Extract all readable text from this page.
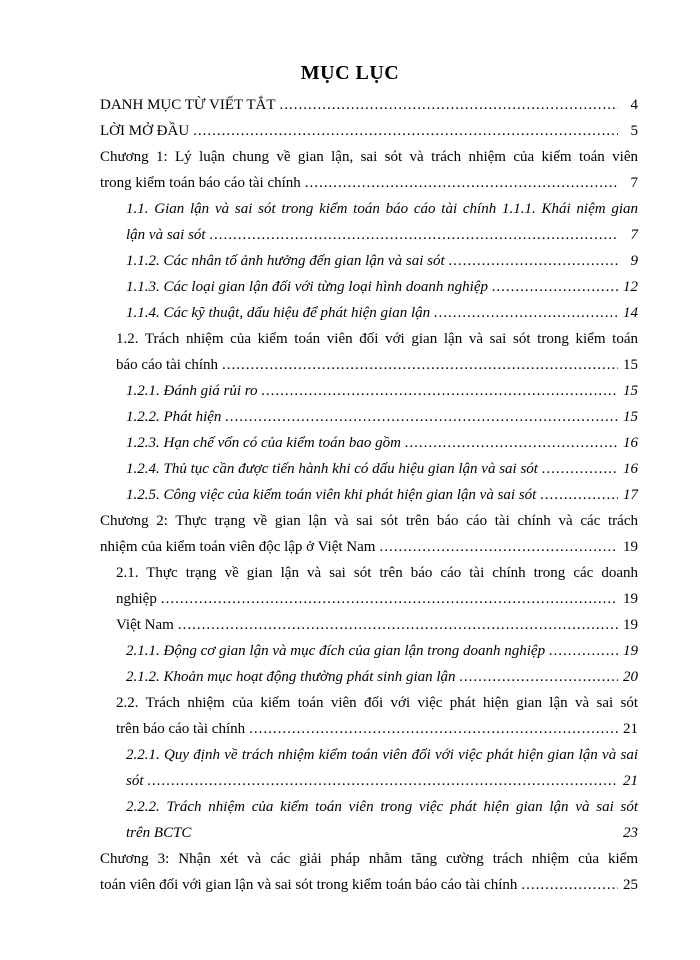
MỤC LỤC
DANH MỤC TỪ VIẾT TẮT .....	4
LỜI MỞ ĐẦU .....	5
Chương 1: Lý luận chung về gian lận, sai sót và trách nhiệm của kiểm toán viên
trong kiểm toán báo cáo tài chính .....	7
1.1. Gian lận và sai sót trong kiểm toán báo cáo tài chính 1.1.1. Khái niệm gian
lận và sai sót .....	7
1.1.2. Các nhân tố ảnh hưởng đến gian lận và sai sót .....	9
1.1.3. Các loại gian lận đối với từng loại hình doanh nghiệp .....	12
1.1.4. Các kỹ thuật, dấu hiệu để phát hiện gian lận .....	14
1.2. Trách nhiệm của kiểm toán viên đối với gian lận và sai sót trong kiểm toán
báo cáo tài chính .....	15
1.2.1. Đánh giá rủi ro .....	15
1.2.2. Phát hiện .....	15
1.2.3. Hạn chế vốn có của kiểm toán bao gồm .....	16
1.2.4. Thủ tục cần được tiến hành khi có dấu hiệu gian lận và sai sót .....	16
1.2.5. Công việc của kiểm toán viên khi phát hiện gian lận và sai sót .....	17
Chương 2: Thực trạng về gian lận và sai sót trên báo cáo tài chính và các trách
nhiệm của kiểm toán viên độc lập ở Việt Nam .....	19
2.1. Thực trạng về gian lận và sai sót trên báo cáo tài chính trong các doanh
nghiệp .....	19
Việt Nam .....	19
2.1.1. Động cơ gian lận và mục đích của gian lận trong doanh nghiệp .....	19
2.1.2. Khoản mục hoạt động thường phát sinh gian lận .....	20
2.2. Trách nhiệm của kiểm toán viên đối với việc phát hiện gian lận và sai sót
trên báo cáo tài chính .....	21
2.2.1. Quy định về trách nhiệm kiểm toán viên đối với việc phát hiện gian lận và sai
sót .....	21
2.2.2. Trách nhiệm của kiểm toán viên trong việc phát hiện gian lận và sai sót
trên BCTC	23
Chương 3: Nhận xét và các giải pháp nhằm tăng cường trách nhiệm của kiểm
toán viên đối với gian lận và sai sót trong kiểm toán báo cáo tài chính .....	25
